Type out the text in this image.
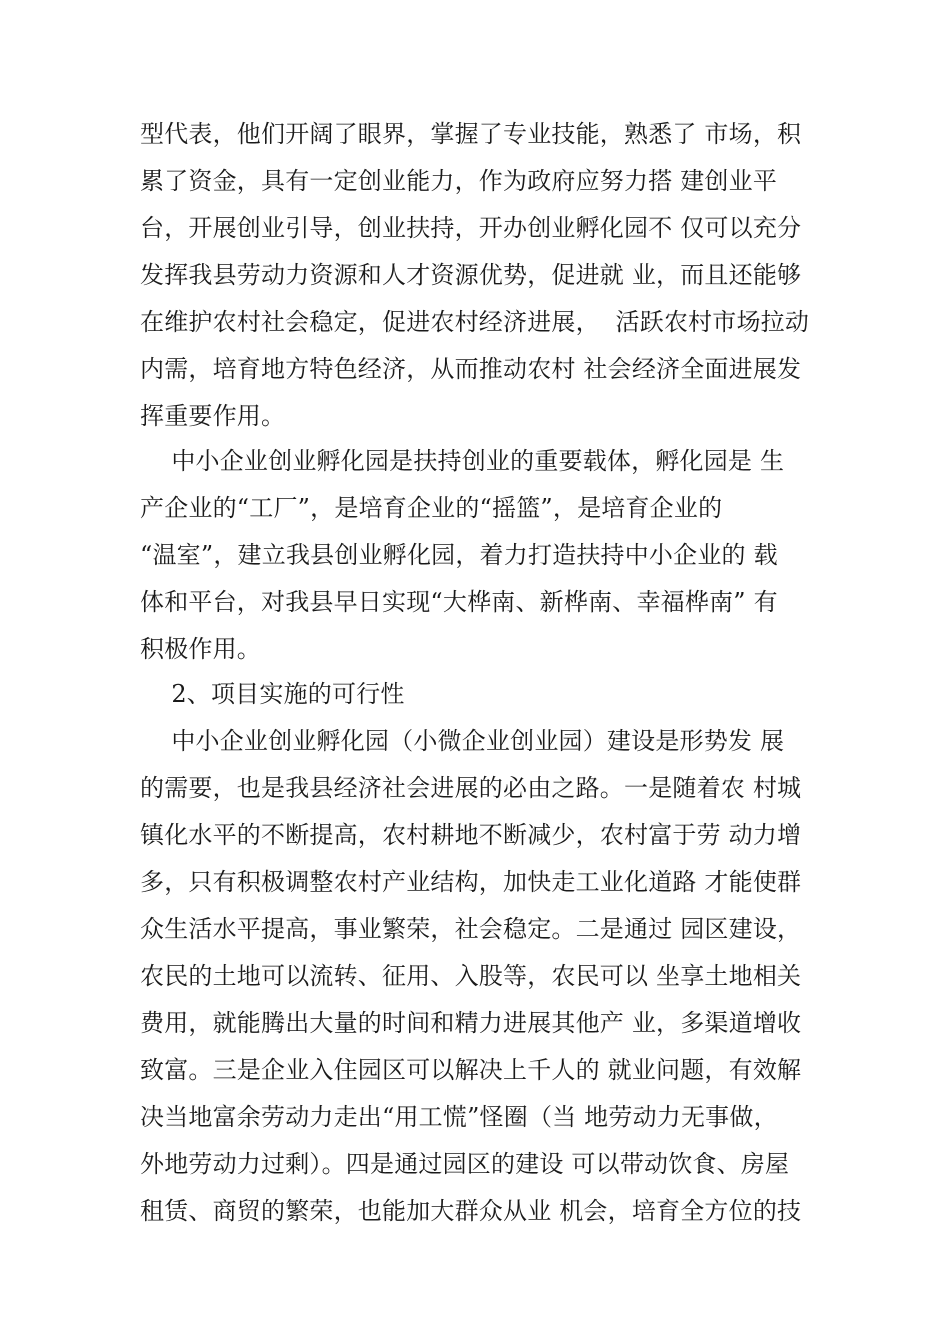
型代表，他们开阔了眼界，掌握了专业技能，熟悉了 市场，积
累了资金，具有一定创业能力，作为政府应努力搭 建创业平
台，开展创业引导，创业扶持，开办创业孵化园不 仅可以充分
发挥我县劳动力资源和人才资源优势，促进就 业，而且还能够
在维护农村社会稳定，促进农村经济进展，  活跃农村市场拉动
内需，培育地方特色经济，从而推动农村 社会经济全面进展发
挥重要作用。
中小企业创业孵化园是扶持创业的重要载体，孵化园是 生
产企业的“工厂”，是培育企业的“摇篮”，是培育企业的
“温室”，建立我县创业孵化园，着力打造扶持中小企业的 载
体和平台，对我县早日实现“大桦南、新桦南、幸福桦南” 有
积极作用。
2、项目实施的可行性
中小企业创业孵化园（小微企业创业园）建设是形势发 展
的需要，也是我县经济社会进展的必由之路。一是随着农 村城
镇化水平的不断提高，农村耕地不断减少，农村富于劳 动力增
多，只有积极调整农村产业结构，加快走工业化道路 才能使群
众生活水平提高，事业繁荣，社会稳定。二是通过 园区建设，
农民的土地可以流转、征用、入股等，农民可以 坐享土地相关
费用，就能腾出大量的时间和精力进展其他产 业，多渠道增收
致富。三是企业入住园区可以解决上千人的 就业问题，有效解
决当地富余劳动力走出“用工慌”怪圈（当 地劳动力无事做，
外地劳动力过剩）。四是通过园区的建设 可以带动饮食、房屋
租赁、商贸的繁荣，也能加大群众从业 机会，培育全方位的技
